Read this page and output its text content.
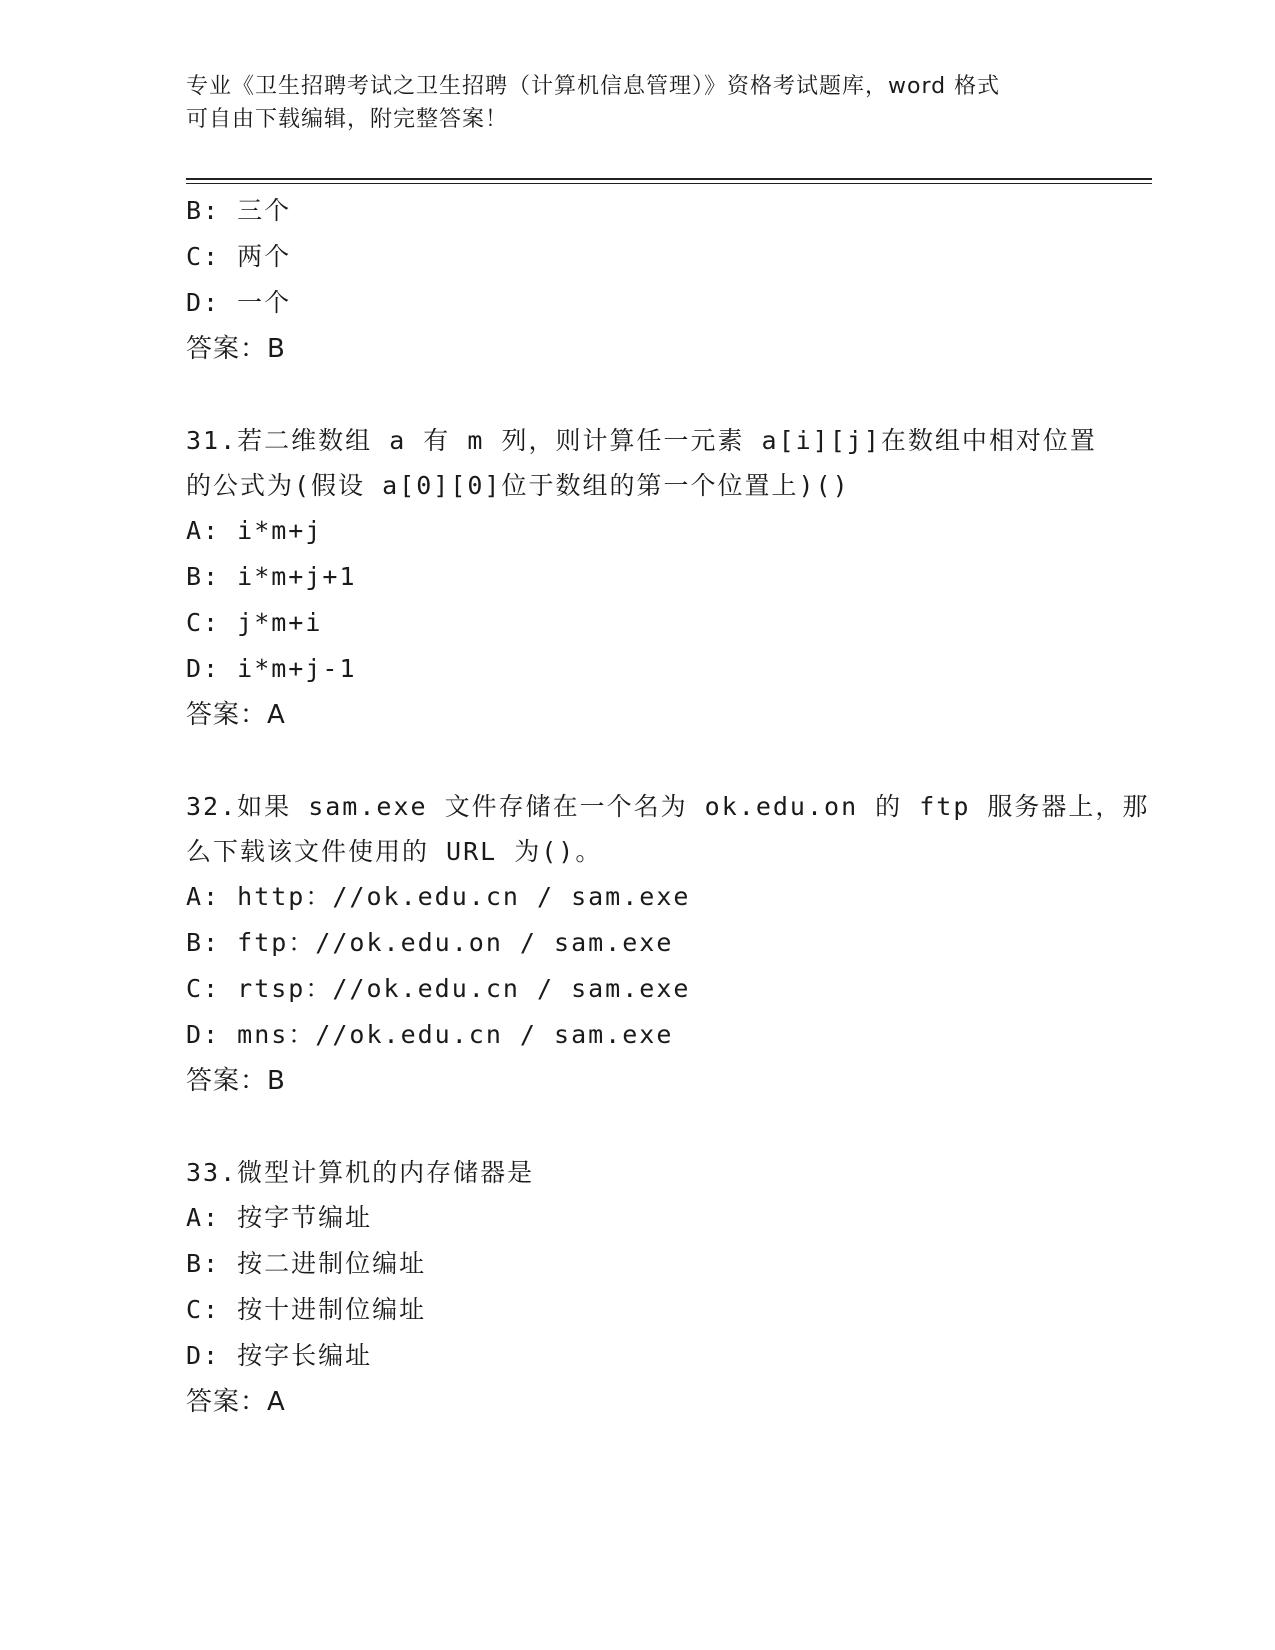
专业《卫生招聘考试之卫生招聘（计算机信息管理）》资格考试题库，word 格式
可自由下载编辑，附完整答案！
B: 三个
C: 两个
D: 一个
答案：B
31.若二维数组 a 有 m 列，则计算任一元素 a[i][j]在数组中相对位置
的公式为(假设 a[0][0]位于数组的第一个位置上)()
A: i*m+j
B: i*m+j+1
C: j*m+i
D: i*m+j-1
答案：A
32.如果 sam.exe 文件存储在一个名为 ok.edu.on 的 ftp 服务器上，那
么下载该文件使用的 URL 为()。
A: http：//ok.edu.cn / sam.exe
B: ftp：//ok.edu.on / sam.exe
C: rtsp：//ok.edu.cn / sam.exe
D: mns：//ok.edu.cn / sam.exe
答案：B
33.微型计算机的内存储器是
A: 按字节编址
B: 按二进制位编址
C: 按十进制位编址
D: 按字长编址
答案：A
